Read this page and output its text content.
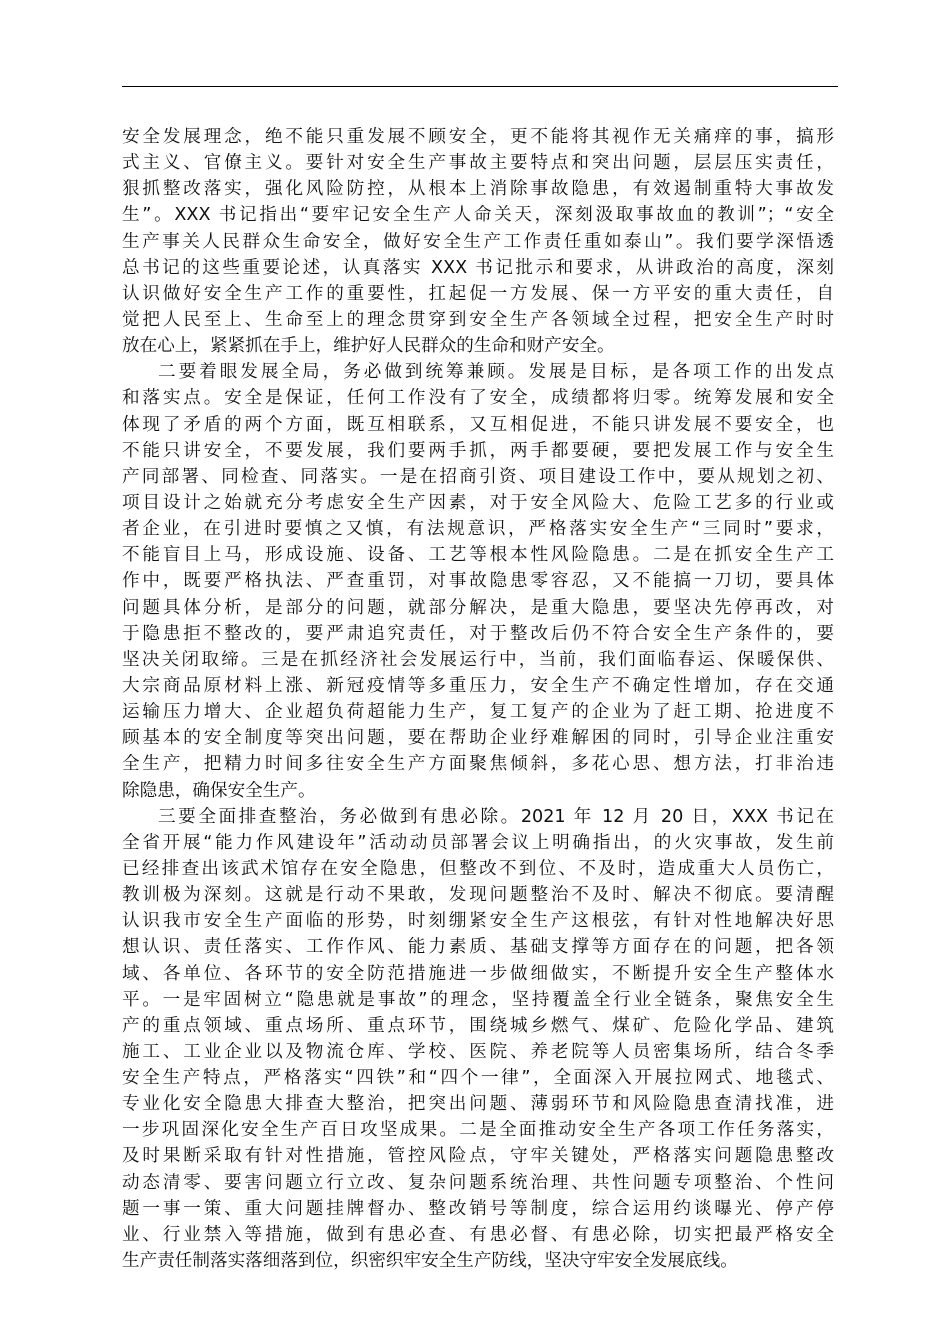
安全发展理念，绝不能只重发展不顾安全，更不能将其视作无关痛痒的事，搞形
式主义、官僚主义。要针对安全生产事故主要特点和突出问题，层层压实责任，
狠抓整改落实，强化风险防控，从根本上消除事故隐患，有效遏制重特大事故发
生”。XXX 书记指出“要牢记安全生产人命关天，深刻汲取事故血的教训”；“安全
生产事关人民群众生命安全，做好安全生产工作责任重如泰山”。我们要学深悟透
总书记的这些重要论述，认真落实 XXX 书记批示和要求，从讲政治的高度，深刻
认识做好安全生产工作的重要性，扛起促一方发展、保一方平安的重大责任，自
觉把人民至上、生命至上的理念贯穿到安全生产各领域全过程，把安全生产时时
放在心上，紧紧抓在手上，维护好人民群众的生命和财产安全。
二要着眼发展全局，务必做到统筹兼顾。发展是目标，是各项工作的出发点
和落实点。安全是保证，任何工作没有了安全，成绩都将归零。统筹发展和安全
体现了矛盾的两个方面，既互相联系，又互相促进，不能只讲发展不要安全，也
不能只讲安全，不要发展，我们要两手抓，两手都要硬，要把发展工作与安全生
产同部署、同检查、同落实。一是在招商引资、项目建设工作中，要从规划之初、
项目设计之始就充分考虑安全生产因素，对于安全风险大、危险工艺多的行业或
者企业，在引进时要慎之又慎，有法规意识，严格落实安全生产“三同时”要求，
不能盲目上马，形成设施、设备、工艺等根本性风险隐患。二是在抓安全生产工
作中，既要严格执法、严查重罚，对事故隐患零容忍，又不能搞一刀切，要具体
问题具体分析，是部分的问题，就部分解决，是重大隐患，要坚决先停再改，对
于隐患拒不整改的，要严肃追究责任，对于整改后仍不符合安全生产条件的，要
坚决关闭取缔。三是在抓经济社会发展运行中，当前，我们面临春运、保暖保供、
大宗商品原材料上涨、新冠疫情等多重压力，安全生产不确定性增加，存在交通
运输压力增大、企业超负荷超能力生产，复工复产的企业为了赶工期、抢进度不
顾基本的安全制度等突出问题，要在帮助企业纾难解困的同时，引导企业注重安
全生产，把精力时间多往安全生产方面聚焦倾斜，多花心思、想方法，打非治违
除隐患，确保安全生产。
三要全面排查整治，务必做到有患必除。2021 年 12 月 20 日，XXX 书记在
全省开展“能力作风建设年”活动动员部署会议上明确指出，的火灾事故，发生前
已经排查出该武术馆存在安全隐患，但整改不到位、不及时，造成重大人员伤亡，
教训极为深刻。这就是行动不果敢，发现问题整治不及时、解决不彻底。要清醒
认识我市安全生产面临的形势，时刻绷紧安全生产这根弦，有针对性地解决好思
想认识、责任落实、工作作风、能力素质、基础支撑等方面存在的问题，把各领
域、各单位、各环节的安全防范措施进一步做细做实，不断提升安全生产整体水
平。一是牢固树立“隐患就是事故”的理念，坚持覆盖全行业全链条，聚焦安全生
产的重点领域、重点场所、重点环节，围绕城乡燃气、煤矿、危险化学品、建筑
施工、工业企业以及物流仓库、学校、医院、养老院等人员密集场所，结合冬季
安全生产特点，严格落实“四铁”和“四个一律”，全面深入开展拉网式、地毯式、
专业化安全隐患大排查大整治，把突出问题、薄弱环节和风险隐患查清找准，进
一步巩固深化安全生产百日攻坚成果。二是全面推动安全生产各项工作任务落实，
及时果断采取有针对性措施，管控风险点，守牢关键处，严格落实问题隐患整改
动态清零、要害问题立行立改、复杂问题系统治理、共性问题专项整治、个性问
题一事一策、重大问题挂牌督办、整改销号等制度，综合运用约谈曝光、停产停
业、行业禁入等措施，做到有患必查、有患必督、有患必除，切实把最严格安全
生产责任制落实落细落到位，织密织牢安全生产防线，坚决守牢安全发展底线。
